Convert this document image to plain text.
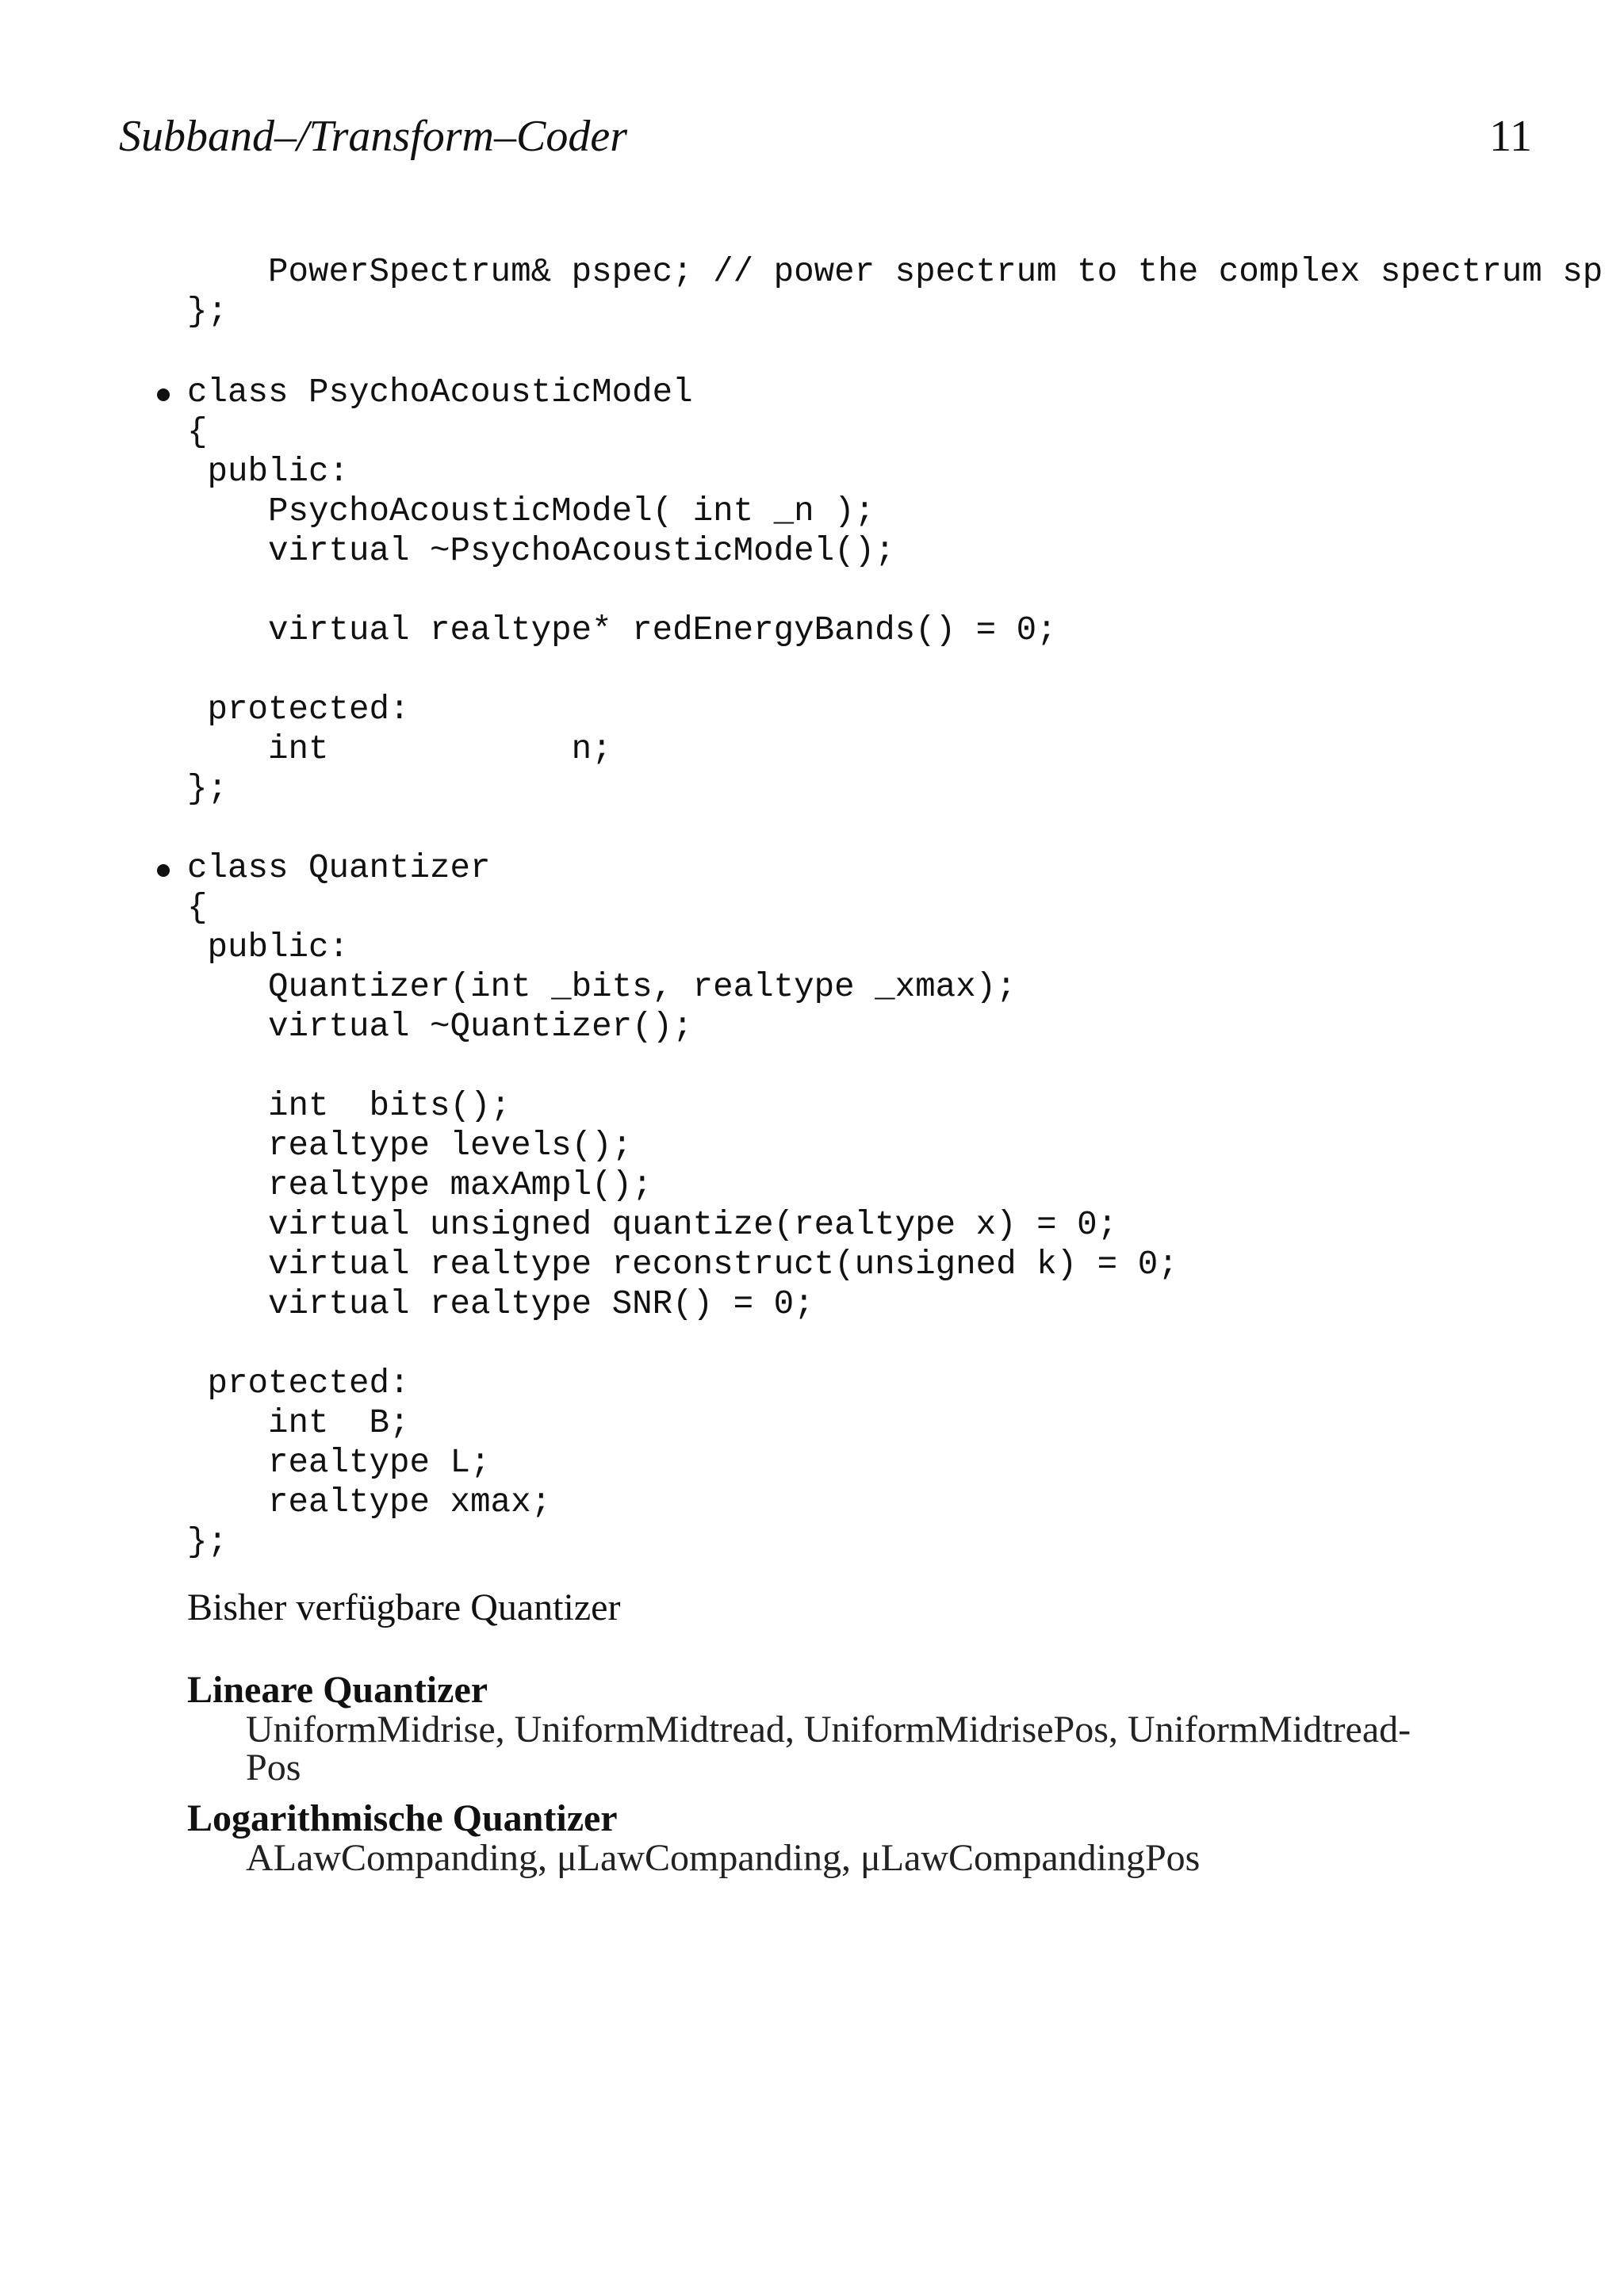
Subband–/Transform–Coder	11
PowerSpectrum& pspec; // power spectrum to the complex spectrum sp
};
class PsychoAcousticModel
{
public:
PsychoAcousticModel( int _n );
virtual ~PsychoAcousticModel();
virtual realtype* redEnergyBands() = 0;
protected:
int            n;
};
class Quantizer
{
public:
Quantizer(int _bits, realtype _xmax);
virtual ~Quantizer();
int  bits();
realtype levels();
realtype maxAmpl();
virtual unsigned quantize(realtype x) = 0;
virtual realtype reconstruct(unsigned k) = 0;
virtual realtype SNR() = 0;
protected:
int  B;
realtype L;
realtype xmax;
};
Bisher verfügbare Quantizer
Lineare Quantizer
UniformMidrise, UniformMidtread, UniformMidrisePos, UniformMidtread-
Pos
Logarithmische Quantizer
ALawCompanding, μLawCompanding, μLawCompandingPos
